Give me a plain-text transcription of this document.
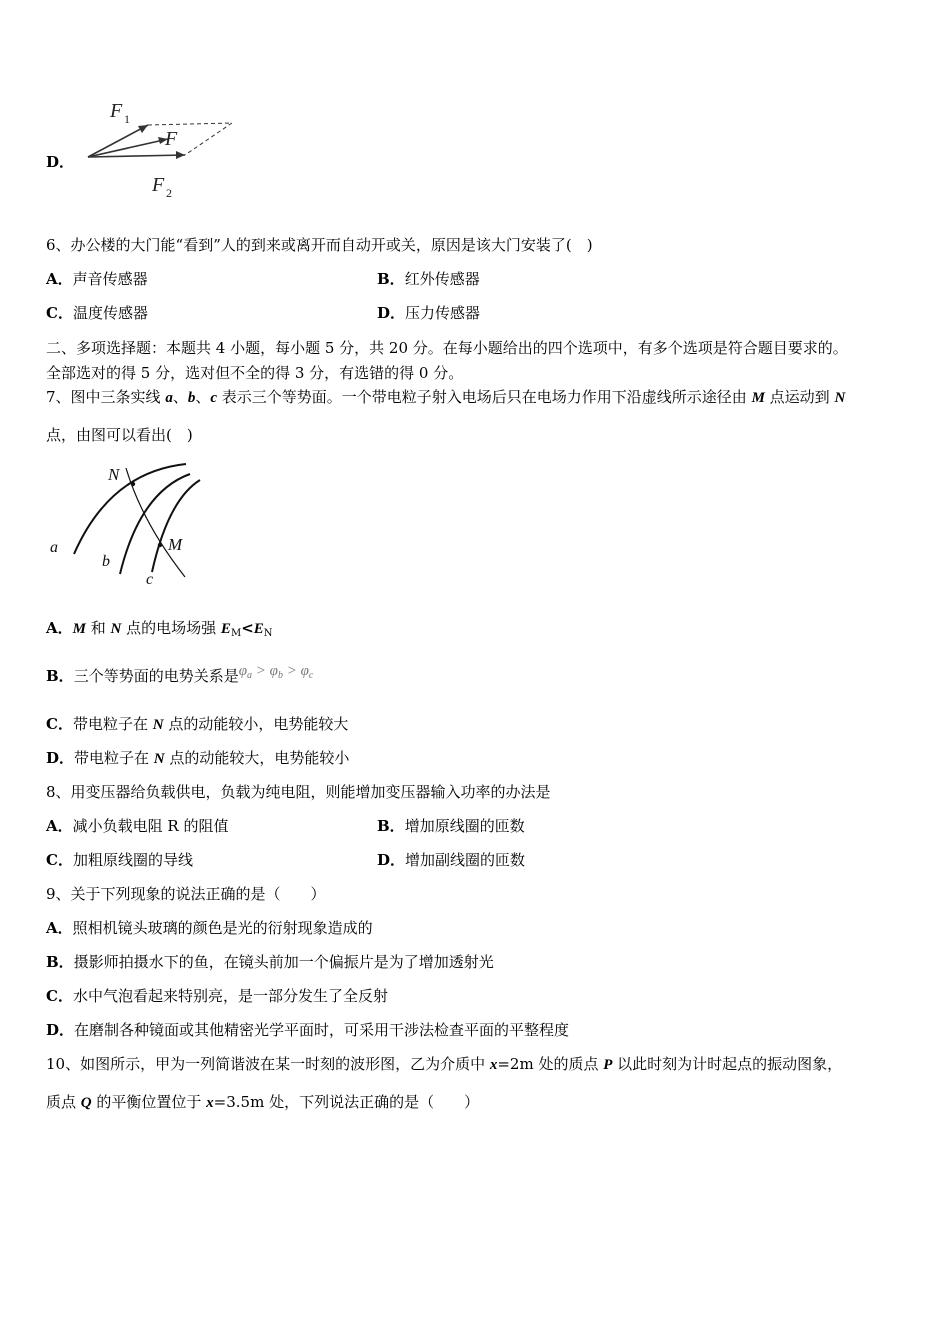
D．
F 1
F
F 2
6、办公楼的大门能“看到”人的到来或离开而自动开或关，原因是该大门安装了(　)
A．声音传感器	B．红外传感器
C．温度传感器	D．压力传感器
二、多项选择题：本题共 4 小题，每小题 5 分，共 20 分。在每小题给出的四个选项中，有多个选项是符合题目要求的。
全部选对的得 5 分，选对但不全的得 3 分，有选错的得 0 分。
7、图中三条实线 a、b、c 表示三个等势面。一个带电粒子射入电场后只在电场力作用下沿虚线所示途径由 M 点运动到 N
点，由图可以看出(　)
N
M
a
b
c
A．M 和 N 点的电场场强 $E_M<E_N$
B．三个等势面的电势关系是$\varphi_a > \varphi_b > \varphi_c$
C．带电粒子在 N 点的动能较小，电势能较大
D．带电粒子在 N 点的动能较大，电势能较小
8、用变压器给负载供电，负载为纯电阻，则能增加变压器输入功率的办法是
A．减小负载电阻 R 的阻值	B．增加原线圈的匝数
C．加粗原线圈的导线	D．增加副线圈的匝数
9、关于下列现象的说法正确的是（　　）
A．照相机镜头玻璃的颜色是光的衍射现象造成的
B．摄影师拍摄水下的鱼，在镜头前加一个偏振片是为了增加透射光
C．水中气泡看起来特别亮，是一部分发生了全反射
D．在磨制各种镜面或其他精密光学平面时，可采用干涉法检查平面的平整程度
10、如图所示，甲为一列简谐波在某一时刻的波形图，乙为介质中 x=2m 处的质点 P 以此时刻为计时起点的振动图象，
质点 Q 的平衡位置位于 x=3.5m 处，下列说法正确的是（　　）
